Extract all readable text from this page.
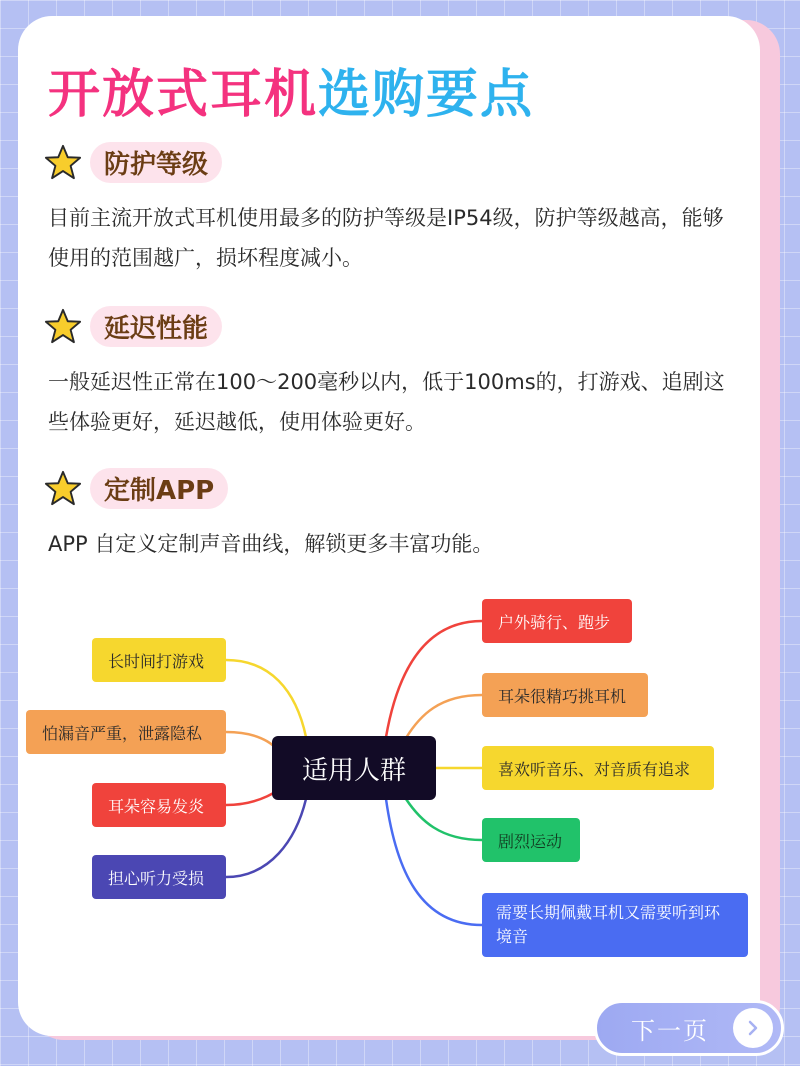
开放式耳机选购要点
防护等级

目前主流开放式耳机使用最多的防护等级是IP54级，防护等级越高，能够使用的范围越广，损坏程度减小。

延迟性能

一般延迟性正常在100～200毫秒以内，低于100ms的，打游戏、追剧这些体验更好，延迟越低，使用体验更好。

定制APP

APP 自定义定制声音曲线，解锁更多丰富功能。

适用人群
长时间打游戏
怕漏音严重，泄露隐私
耳朵容易发炎
担心听力受损
户外骑行、跑步
耳朵很精巧挑耳机
喜欢听音乐、对音质有追求
剧烈运动
需要长期佩戴耳机又需要听到环境音
下一页
